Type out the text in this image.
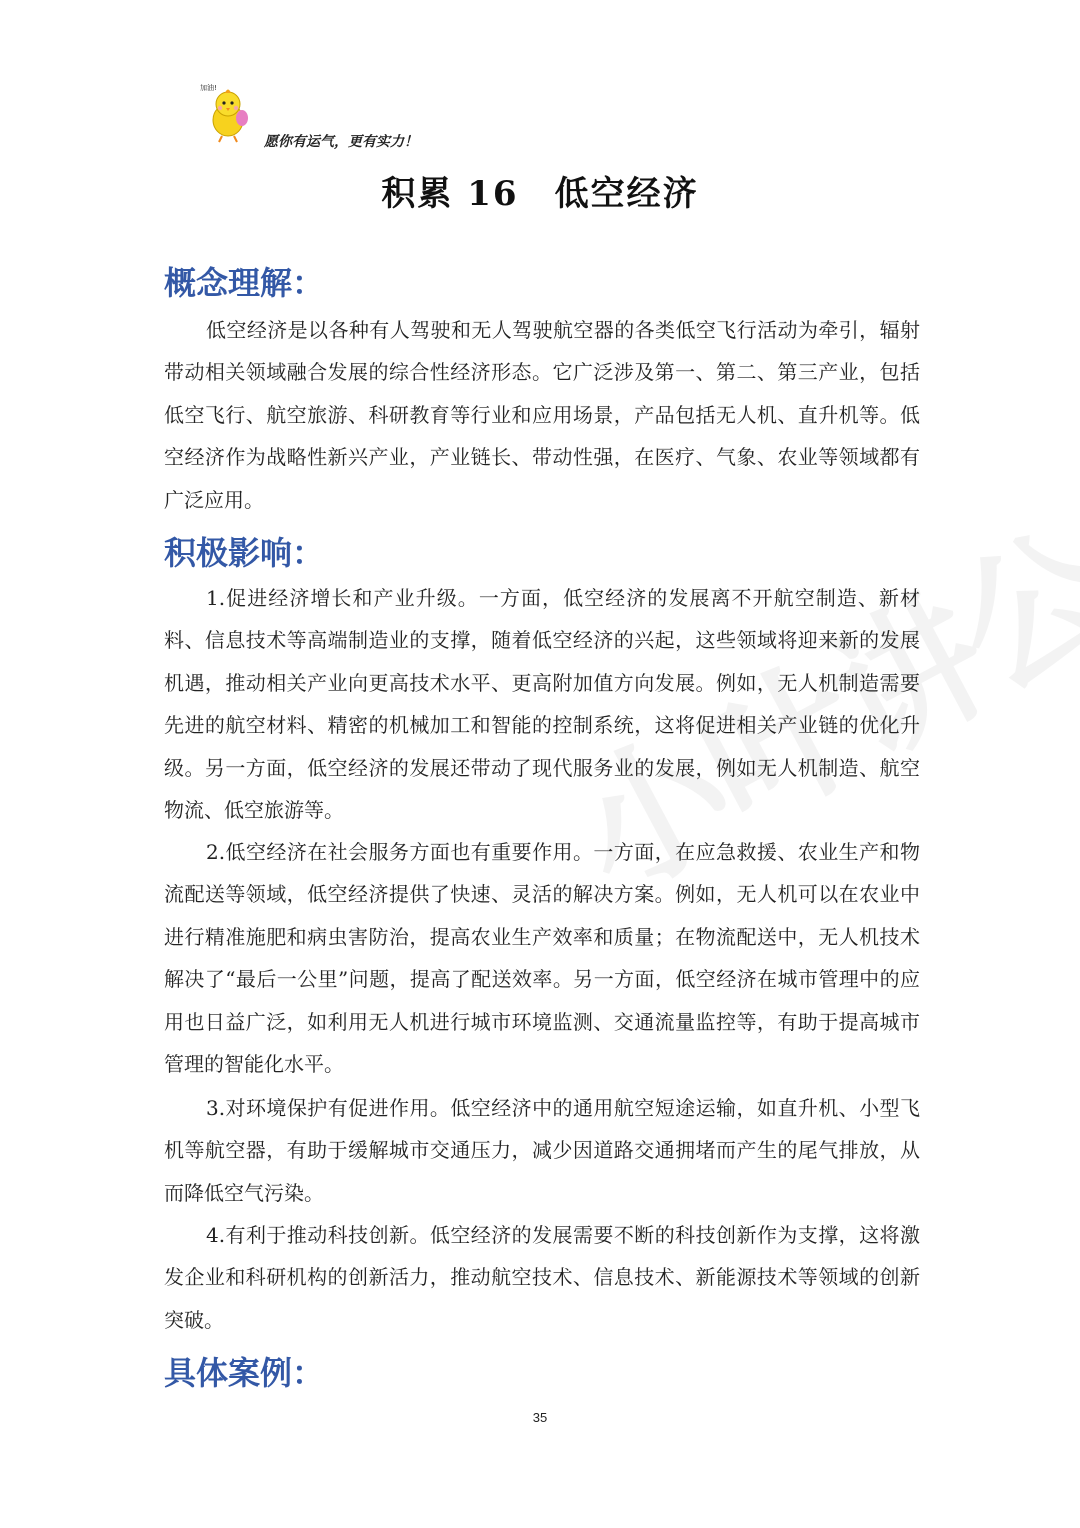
加油!
愿你有运气，更有实力！
积累 16　低空经济
概念理解：

低空经济是以各种有人驾驶和无人驾驶航空器的各类低空飞行活动为牵引，辐射带动相关领域融合发展的综合性经济形态。它广泛涉及第一、第二、第三产业，包括低空飞行、航空旅游、科研教育等行业和应用场景，产品包括无人机、直升机等。低空经济作为战略性新兴产业，产业链长、带动性强，在医疗、气象、农业等领域都有广泛应用。

积极影响：

1.促进经济增长和产业升级。一方面，低空经济的发展离不开航空制造、新材料、信息技术等高端制造业的支撑，随着低空经济的兴起，这些领域将迎来新的发展机遇，推动相关产业向更高技术水平、更高附加值方向发展。例如，无人机制造需要先进的航空材料、精密的机械加工和智能的控制系统，这将促进相关产业链的优化升级。另一方面，低空经济的发展还带动了现代服务业的发展，例如无人机制造、航空物流、低空旅游等。

2.低空经济在社会服务方面也有重要作用。一方面，在应急救援、农业生产和物流配送等领域，低空经济提供了快速、灵活的解决方案。例如，无人机可以在农业中进行精准施肥和病虫害防治，提高农业生产效率和质量；在物流配送中，无人机技术解决了“最后一公里”问题，提高了配送效率。另一方面，低空经济在城市管理中的应用也日益广泛，如利用无人机进行城市环境监测、交通流量监控等，有助于提高城市管理的智能化水平。

3.对环境保护有促进作用。低空经济中的通用航空短途运输，如直升机、小型飞机等航空器，有助于缓解城市交通压力，减少因道路交通拥堵而产生的尾气排放，从而降低空气污染。

4.有利于推动科技创新。低空经济的发展需要不断的科技创新作为支撑，这将激发企业和科研机构的创新活力，推动航空技术、信息技术、新能源技术等领域的创新突破。

具体案例：
35
